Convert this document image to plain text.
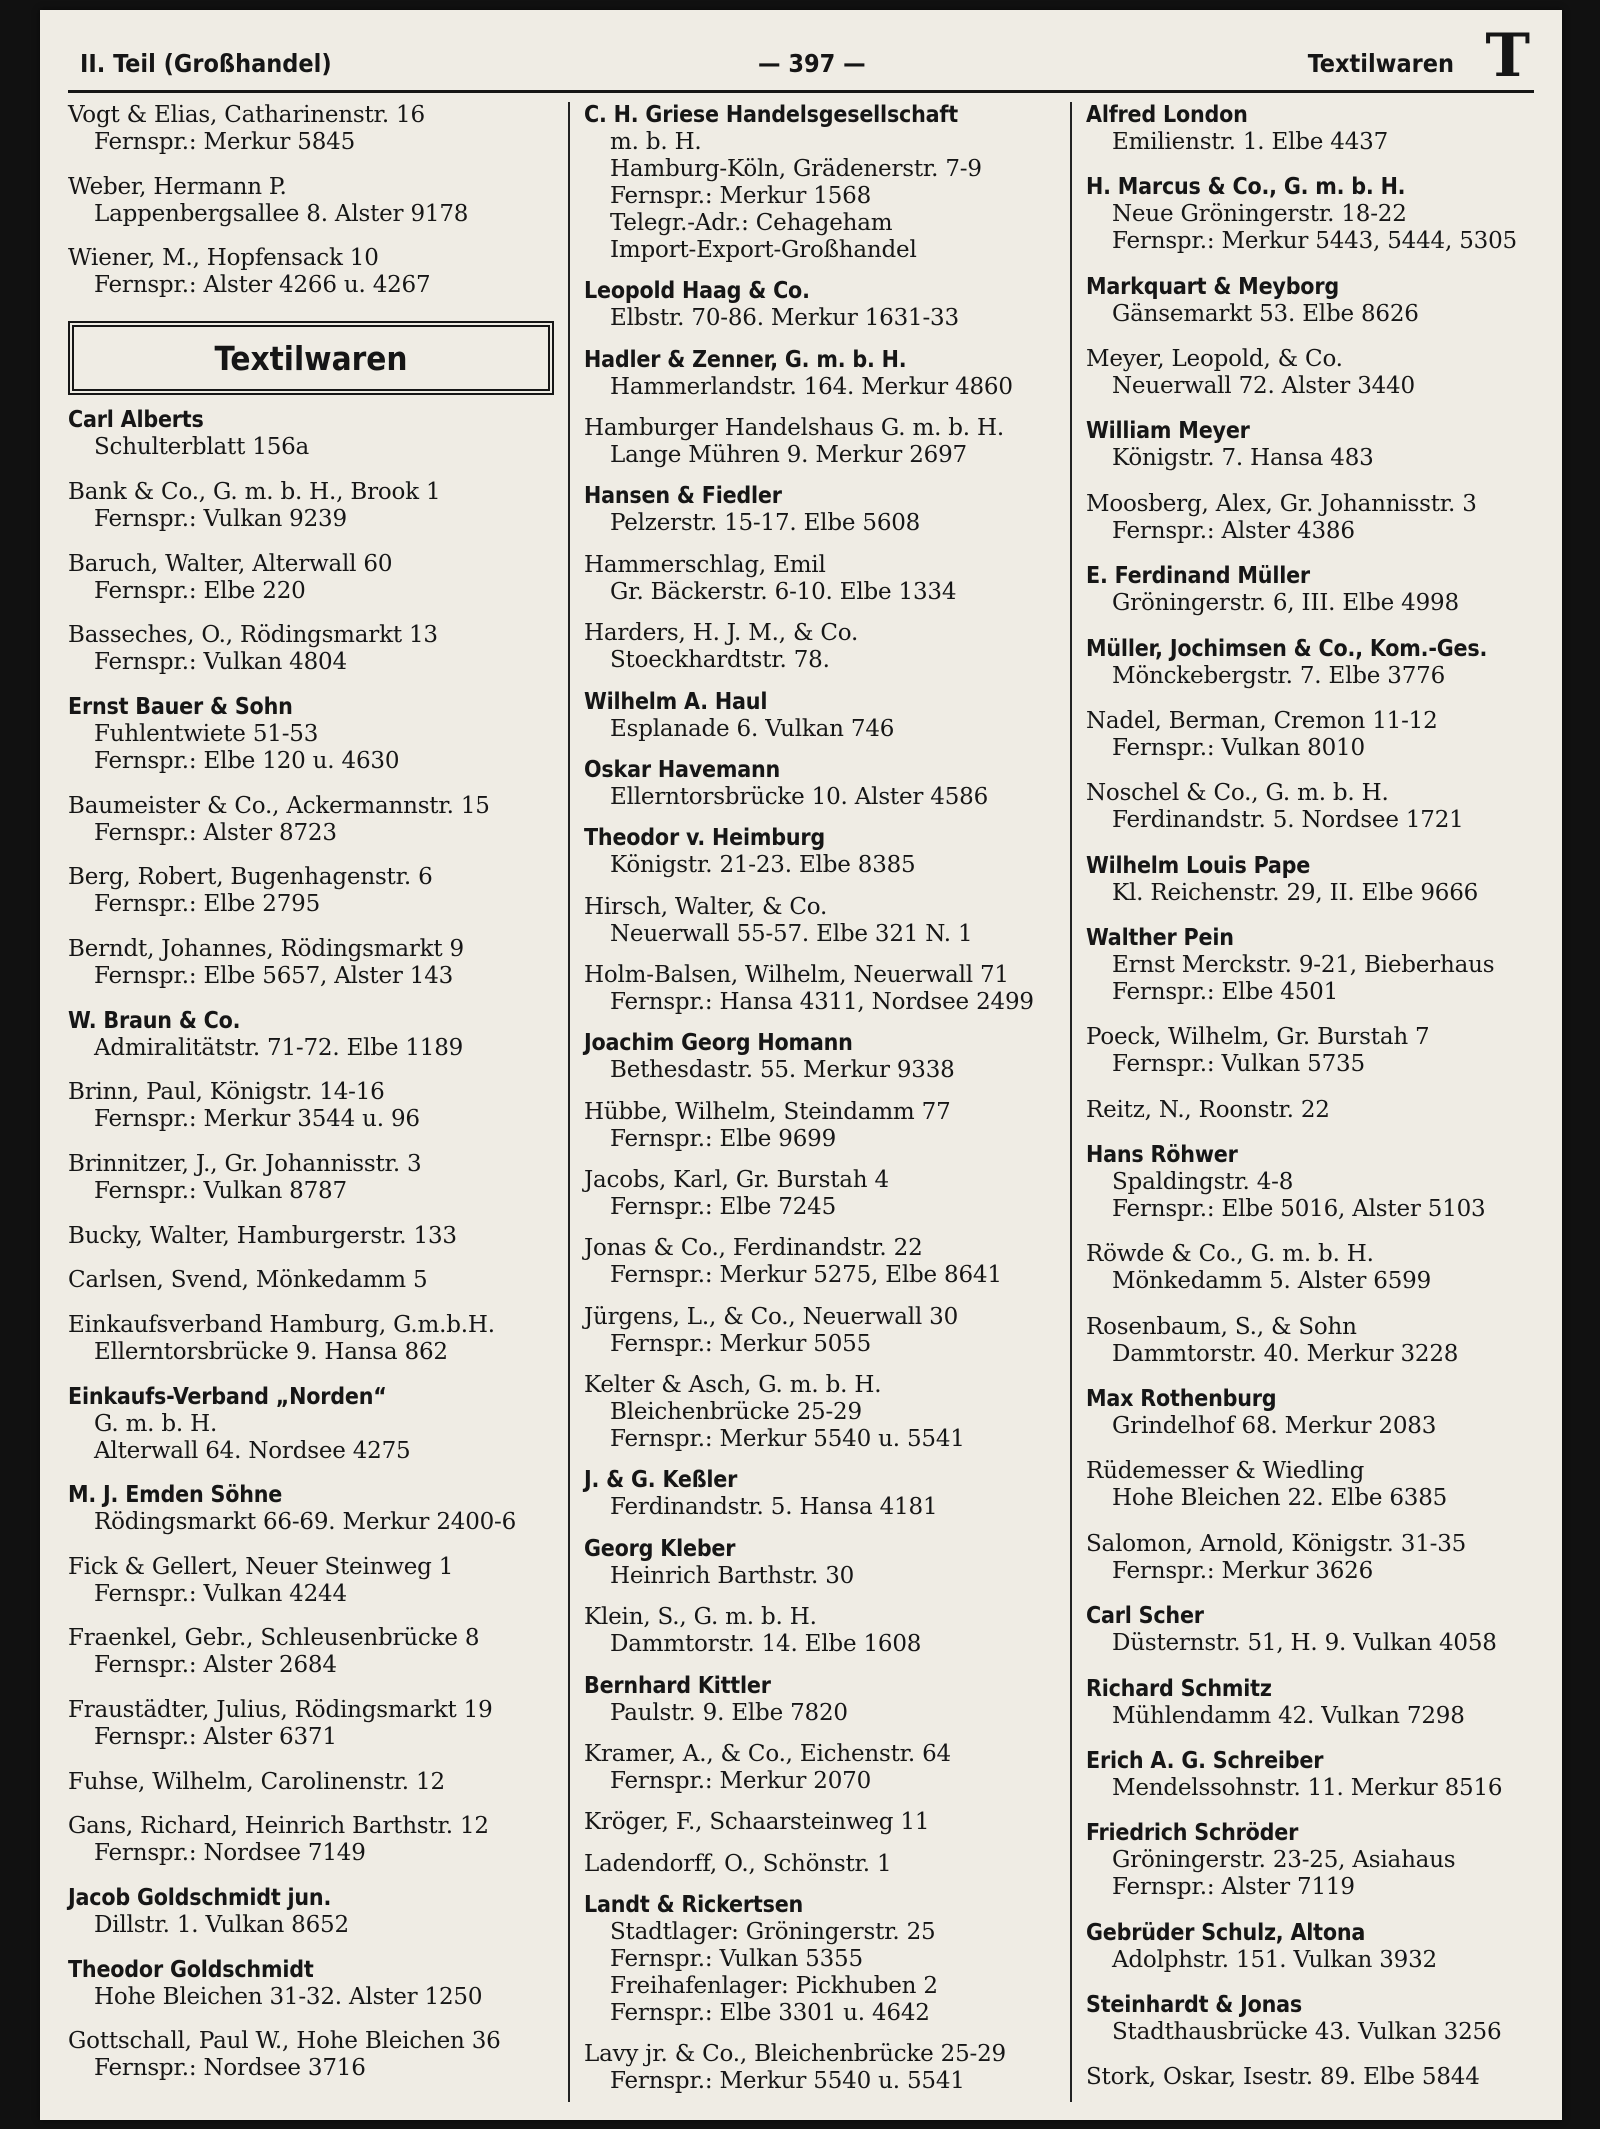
II. Teil (Großhandel)	— 397 —	Textilwaren T
Vogt & Elias, Catharinenstr. 16
Fernspr.: Merkur 5845
Weber, Hermann P.
Lappenbergsallee 8. Alster 9178
Wiener, M., Hopfensack 10
Fernspr.: Alster 4266 u. 4267
Textilwaren
Carl Alberts
Schulterblatt 156a
Bank & Co., G. m. b. H., Brook 1
Fernspr.: Vulkan 9239
Baruch, Walter, Alterwall 60
Fernspr.: Elbe 220
Basseches, O., Rödingsmarkt 13
Fernspr.: Vulkan 4804
Ernst Bauer & Sohn
Fuhlentwiete 51-53
Fernspr.: Elbe 120 u. 4630
Baumeister & Co., Ackermannstr. 15
Fernspr.: Alster 8723
Berg, Robert, Bugenhagenstr. 6
Fernspr.: Elbe 2795
Berndt, Johannes, Rödingsmarkt 9
Fernspr.: Elbe 5657, Alster 143
W. Braun & Co.
Admiralitätstr. 71-72. Elbe 1189
Brinn, Paul, Königstr. 14-16
Fernspr.: Merkur 3544 u. 96
Brinnitzer, J., Gr. Johannisstr. 3
Fernspr.: Vulkan 8787
Bucky, Walter, Hamburgerstr. 133
Carlsen, Svend, Mönkedamm 5
Einkaufsverband Hamburg, G.m.b.H.
Ellerntorsbrücke 9. Hansa 862
Einkaufs-Verband „Norden“
G. m. b. H.
Alterwall 64. Nordsee 4275
M. J. Emden Söhne
Rödingsmarkt 66-69. Merkur 2400-6
Fick & Gellert, Neuer Steinweg 1
Fernspr.: Vulkan 4244
Fraenkel, Gebr., Schleusenbrücke 8
Fernspr.: Alster 2684
Fraustädter, Julius, Rödingsmarkt 19
Fernspr.: Alster 6371
Fuhse, Wilhelm, Carolinenstr. 12
Gans, Richard, Heinrich Barthstr. 12
Fernspr.: Nordsee 7149
Jacob Goldschmidt jun.
Dillstr. 1. Vulkan 8652
Theodor Goldschmidt
Hohe Bleichen 31-32. Alster 1250
Gottschall, Paul W., Hohe Bleichen 36
Fernspr.: Nordsee 3716
C. H. Griese Handelsgesellschaft
m. b. H.
Hamburg-Köln, Grädenerstr. 7-9
Fernspr.: Merkur 1568
Telegr.-Adr.: Cehageham
Import-Export-Großhandel
Leopold Haag & Co.
Elbstr. 70-86. Merkur 1631-33
Hadler & Zenner, G. m. b. H.
Hammerlandstr. 164. Merkur 4860
Hamburger Handelshaus G. m. b. H.
Lange Mühren 9. Merkur 2697
Hansen & Fiedler
Pelzerstr. 15-17. Elbe 5608
Hammerschlag, Emil
Gr. Bäckerstr. 6-10. Elbe 1334
Harders, H. J. M., & Co.
Stoeckhardtstr. 78.
Wilhelm A. Haul
Esplanade 6. Vulkan 746
Oskar Havemann
Ellerntorsbrücke 10. Alster 4586
Theodor v. Heimburg
Königstr. 21-23. Elbe 8385
Hirsch, Walter, & Co.
Neuerwall 55-57. Elbe 321 N. 1
Holm-Balsen, Wilhelm, Neuerwall 71
Fernspr.: Hansa 4311, Nordsee 2499
Joachim Georg Homann
Bethesdastr. 55. Merkur 9338
Hübbe, Wilhelm, Steindamm 77
Fernspr.: Elbe 9699
Jacobs, Karl, Gr. Burstah 4
Fernspr.: Elbe 7245
Jonas & Co., Ferdinandstr. 22
Fernspr.: Merkur 5275, Elbe 8641
Jürgens, L., & Co., Neuerwall 30
Fernspr.: Merkur 5055
Kelter & Asch, G. m. b. H.
Bleichenbrücke 25-29
Fernspr.: Merkur 5540 u. 5541
J. & G. Keßler
Ferdinandstr. 5. Hansa 4181
Georg Kleber
Heinrich Barthstr. 30
Klein, S., G. m. b. H.
Dammtorstr. 14. Elbe 1608
Bernhard Kittler
Paulstr. 9. Elbe 7820
Kramer, A., & Co., Eichenstr. 64
Fernspr.: Merkur 2070
Kröger, F., Schaarsteinweg 11
Ladendorff, O., Schönstr. 1
Landt & Rickertsen
Stadtlager: Gröningerstr. 25
Fernspr.: Vulkan 5355
Freihafenlager: Pickhuben 2
Fernspr.: Elbe 3301 u. 4642
Lavy jr. & Co., Bleichenbrücke 25-29
Fernspr.: Merkur 5540 u. 5541
Alfred London
Emilienstr. 1. Elbe 4437
H. Marcus & Co., G. m. b. H.
Neue Gröningerstr. 18-22
Fernspr.: Merkur 5443, 5444, 5305
Markquart & Meyborg
Gänsemarkt 53. Elbe 8626
Meyer, Leopold, & Co.
Neuerwall 72. Alster 3440
William Meyer
Königstr. 7. Hansa 483
Moosberg, Alex, Gr. Johannisstr. 3
Fernspr.: Alster 4386
E. Ferdinand Müller
Gröningerstr. 6, III. Elbe 4998
Müller, Jochimsen & Co., Kom.-Ges.
Mönckebergstr. 7. Elbe 3776
Nadel, Berman, Cremon 11-12
Fernspr.: Vulkan 8010
Noschel & Co., G. m. b. H.
Ferdinandstr. 5. Nordsee 1721
Wilhelm Louis Pape
Kl. Reichenstr. 29, II. Elbe 9666
Walther Pein
Ernst Merckstr. 9-21, Bieberhaus
Fernspr.: Elbe 4501
Poeck, Wilhelm, Gr. Burstah 7
Fernspr.: Vulkan 5735
Reitz, N., Roonstr. 22
Hans Röhwer
Spaldingstr. 4-8
Fernspr.: Elbe 5016, Alster 5103
Röwde & Co., G. m. b. H.
Mönkedamm 5. Alster 6599
Rosenbaum, S., & Sohn
Dammtorstr. 40. Merkur 3228
Max Rothenburg
Grindelhof 68. Merkur 2083
Rüdemesser & Wiedling
Hohe Bleichen 22. Elbe 6385
Salomon, Arnold, Königstr. 31-35
Fernspr.: Merkur 3626
Carl Scher
Düsternstr. 51, H. 9. Vulkan 4058
Richard Schmitz
Mühlendamm 42. Vulkan 7298
Erich A. G. Schreiber
Mendelssohnstr. 11. Merkur 8516
Friedrich Schröder
Gröningerstr. 23-25, Asiahaus
Fernspr.: Alster 7119
Gebrüder Schulz, Altona
Adolphstr. 151. Vulkan 3932
Steinhardt & Jonas
Stadthausbrücke 43. Vulkan 3256
Stork, Oskar, Isestr. 89. Elbe 5844
